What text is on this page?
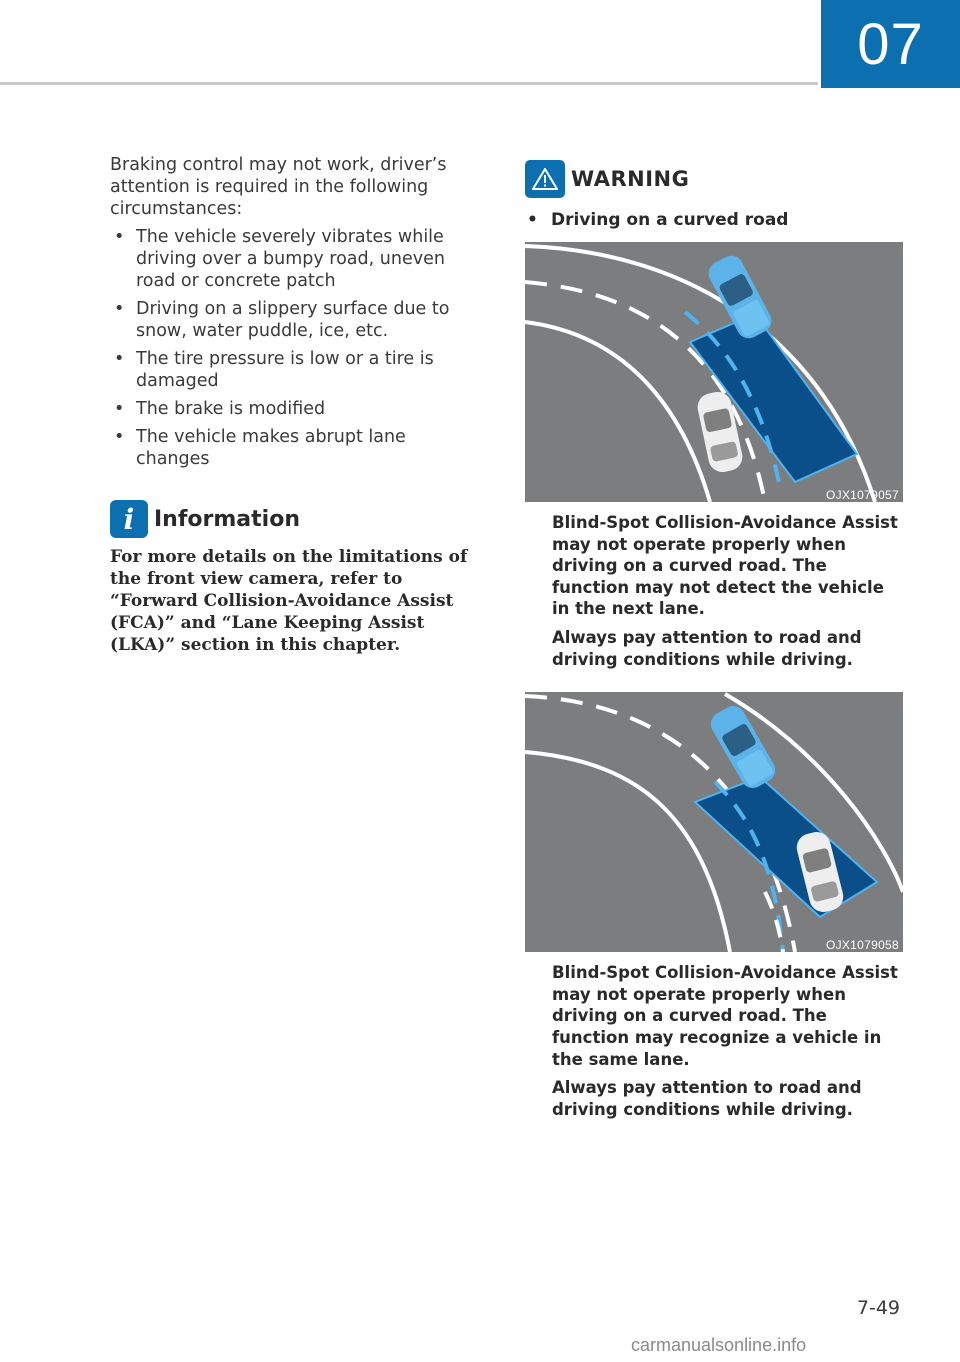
07

Braking control may not work, driver’s attention is required in the following circumstances:

• The vehicle severely vibrates while driving over a bumpy road, uneven road or concrete patch
• Driving on a slippery surface due to snow, water puddle, ice, etc.
• The tire pressure is low or a tire is damaged
• The brake is modified
• The vehicle makes abrupt lane changes
i Information
For more details on the limitations of the front view camera, refer to “Forward Collision-Avoidance Assist (FCA)” and “Lane Keeping Assist (LKA)” section in this chapter.
WARNING
• Driving on a curved road
OJX1079057

Blind-Spot Collision-Avoidance Assist may not operate properly when driving on a curved road. The function may not detect the vehicle in the next lane.

Always pay attention to road and driving conditions while driving.

OJX1079058

Blind-Spot Collision-Avoidance Assist may not operate properly when driving on a curved road. The function may recognize a vehicle in the same lane.

Always pay attention to road and driving conditions while driving.

7-49
carmanualsonline.info
